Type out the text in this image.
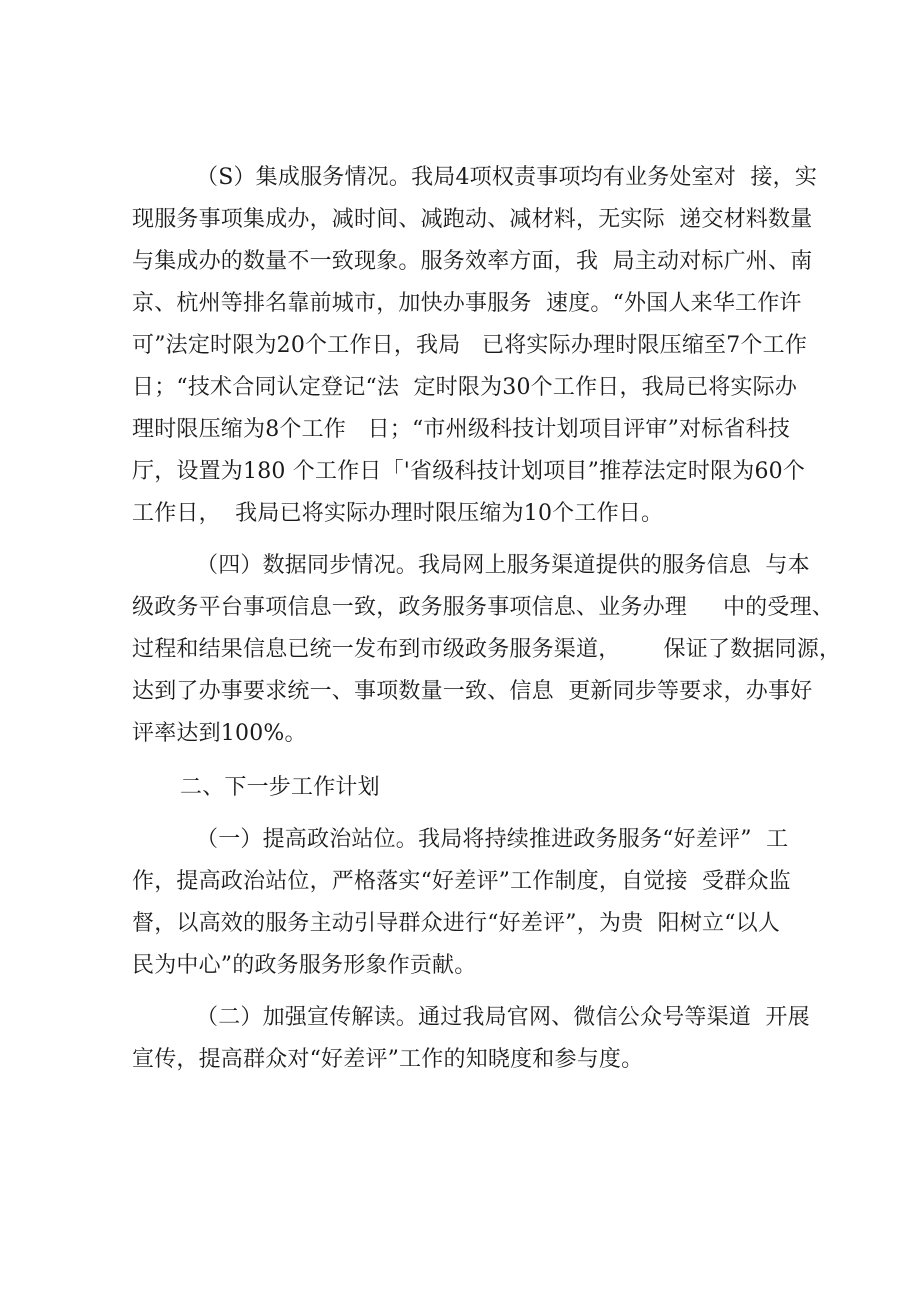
（S）集成服务情况。我局4项权责事项均有业务处室对  接，实
现服务事项集成办，减时间、减跑动、减材料，无实际  递交材料数量
与集成办的数量不一致现象。服务效率方面，我  局主动对标广州、南
京、杭州等排名靠前城市，加快办事服务  速度。“外国人来华工作许
可”法定时限为20个工作日，我局   已将实际办理时限压缩至7个工作
日；“技术合同认定登记“法  定时限为30个工作日，我局已将实际办
理时限压缩为8个工作   日；“市州级科技计划项目评审”对标省科技
厅，设置为180 个工作日「'省级科技计划项目”推荐法定时限为60个
工作日，  我局已将实际办理时限压缩为10个工作日。
（四）数据同步情况。我局网上服务渠道提供的服务信息  与本
级政务平台事项信息一致，政务服务事项信息、业务办理     中的受理、
过程和结果信息已统一发布到市级政务服务渠道，      保证了数据同源，
达到了办事要求统一、事项数量一致、信息  更新同步等要求，办事好
评率达到100%。
二、下一步工作计划
（一）提高政治站位。我局将持续推进政务服务“好差评”  工
作，提高政治站位，严格落实“好差评”工作制度，自觉接  受群众监
督，以高效的服务主动引导群众进行“好差评”，为贵  阳树立“以人
民为中心”的政务服务形象作贡献。
（二）加强宣传解读。通过我局官网、微信公众号等渠道  开展
宣传，提高群众对“好差评”工作的知晓度和参与度。
